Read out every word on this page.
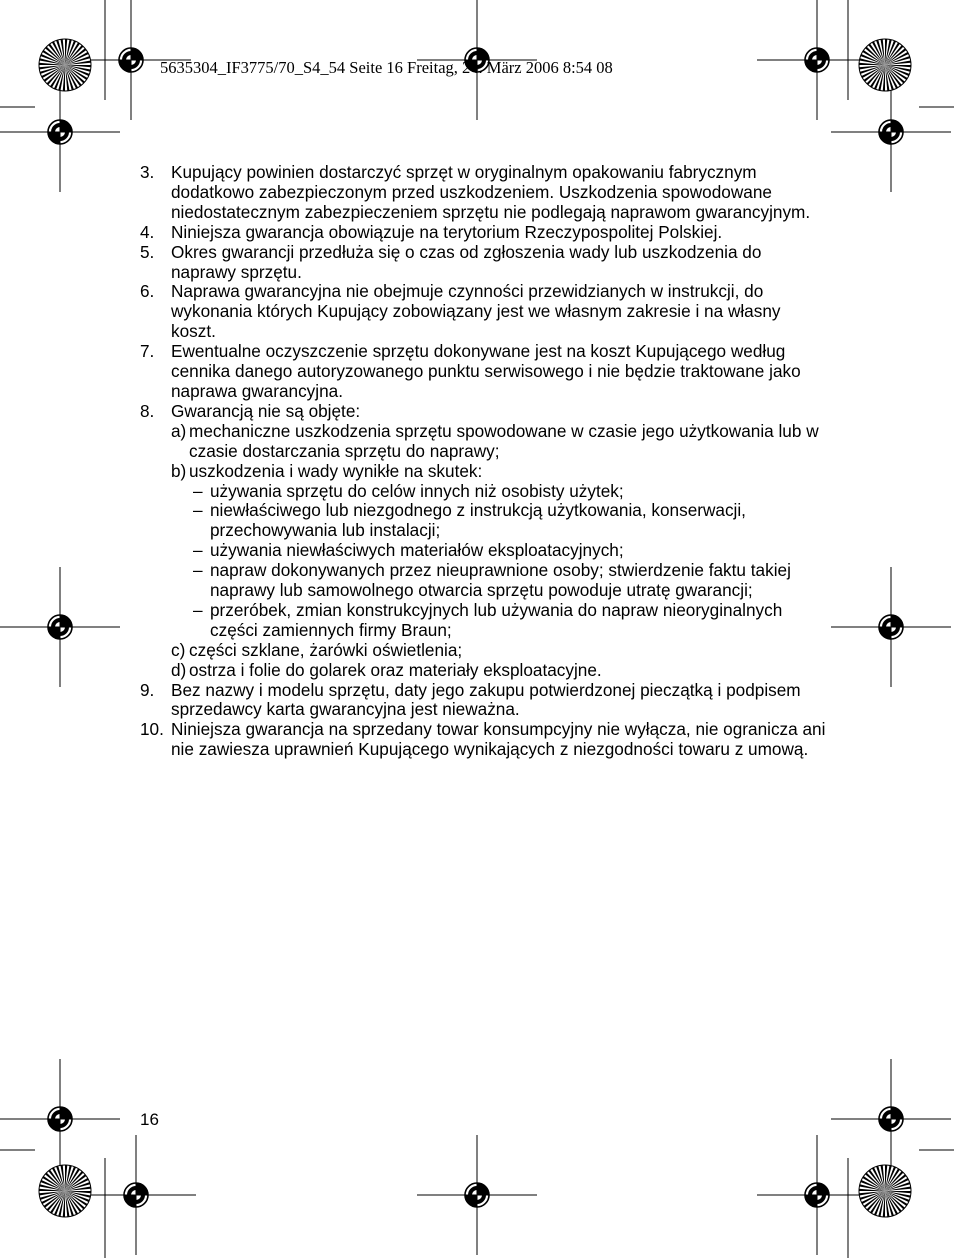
5635304_IF3775/70_S4_54 Seite 16 Freitag, 24. März 2006 8:54 08
3. Kupujący powinien dostarczyć sprzęt w oryginalnym opakowaniu fabrycznym dodatkowo zabezpieczonym przed uszkodzeniem. Uszkodzenia spowodowane niedostatecznym zabezpieczeniem sprzętu nie podlegają naprawom gwarancyjnym.
4. Niniejsza gwarancja obowiązuje na terytorium Rzeczypospolitej Polskiej.
5. Okres gwarancji przedłuża się o czas od zgłoszenia wady lub uszkodzenia do naprawy sprzętu.
6. Naprawa gwarancyjna nie obejmuje czynności przewidzianych w instrukcji, do wykonania których Kupujący zobowiązany jest we własnym zakresie i na własny koszt.
7. Ewentualne oczyszczenie sprzętu dokonywane jest na koszt Kupującego według cennika danego autoryzowanego punktu serwisowego i nie będzie traktowane jako naprawa gwarancyjna.
8. Gwarancją nie są objęte:
a) mechaniczne uszkodzenia sprzętu spowodowane w czasie jego użytkowania lub w czasie dostarczania sprzętu do naprawy;
b) uszkodzenia i wady wynikłe na skutek:
– używania sprzętu do celów innych niż osobisty użytek;
– niewłaściwego lub niezgodnego z instrukcją użytkowania, konserwacji, przechowywania lub instalacji;
– używania niewłaściwych materiałów eksploatacyjnych;
– napraw dokonywanych przez nieuprawnione osoby; stwierdzenie faktu takiej naprawy lub samowolnego otwarcia sprzętu powoduje utratę gwarancji;
– przeróbek, zmian konstrukcyjnych lub używania do napraw nieoryginalnych części zamiennych firmy Braun;
c) części szklane, żarówki oświetlenia;
d) ostrza i folie do golarek oraz materiały eksploatacyjne.
9. Bez nazwy i modelu sprzętu, daty jego zakupu potwierdzonej pieczątką i podpisem sprzedawcy karta gwarancyjna jest nieważna.
10. Niniejsza gwarancja na sprzedany towar konsumpcyjny nie wyłącza, nie ogranicza ani nie zawiesza uprawnień Kupującego wynikających z niezgodności towaru z umową.
16
